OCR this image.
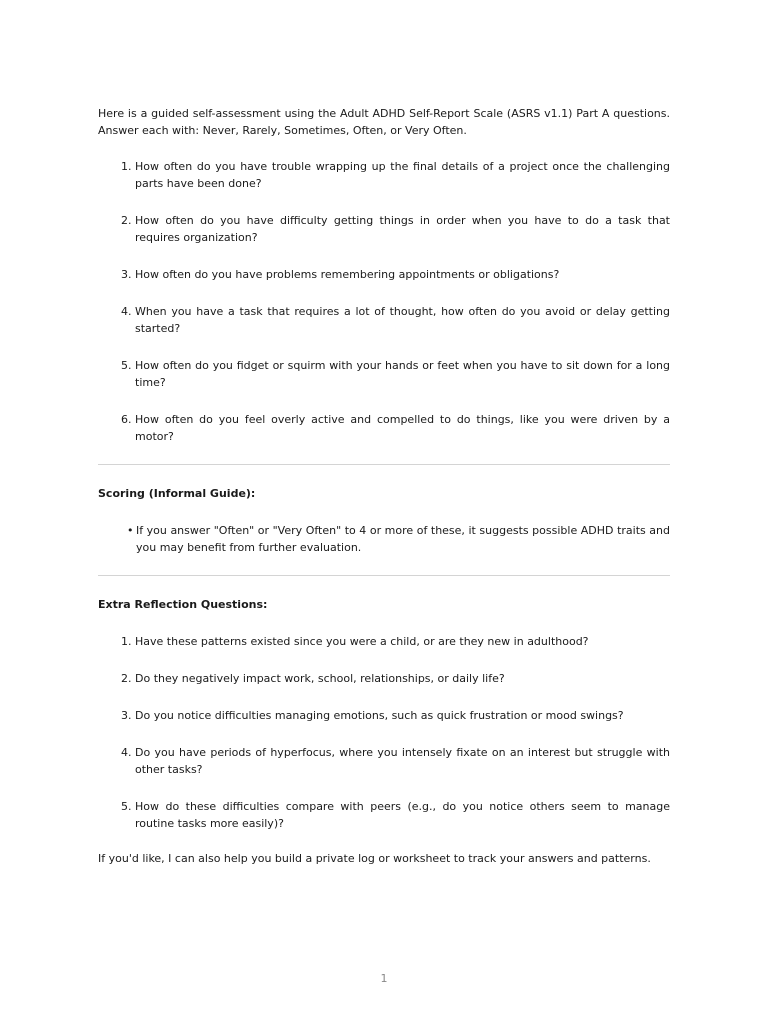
Here is a guided self-assessment using the Adult ADHD Self-Report Scale (ASRS v1.1) Part A questions. Answer each with: Never, Rarely, Sometimes, Often, or Very Often.

1. How often do you have trouble wrapping up the final details of a project once the challenging parts have been done?
2. How often do you have difficulty getting things in order when you have to do a task that requires organization?
3. How often do you have problems remembering appointments or obligations?
4. When you have a task that requires a lot of thought, how often do you avoid or delay getting started?
5. How often do you fidget or squirm with your hands or feet when you have to sit down for a long time?
6. How often do you feel overly active and compelled to do things, like you were driven by a motor?
Scoring (Informal Guide):
• If you answer "Often" or "Very Often" to 4 or more of these, it suggests possible ADHD traits and you may benefit from further evaluation.
Extra Reflection Questions:
1. Have these patterns existed since you were a child, or are they new in adulthood?
2. Do they negatively impact work, school, relationships, or daily life?
3. Do you notice difficulties managing emotions, such as quick frustration or mood swings?
4. Do you have periods of hyperfocus, where you intensely fixate on an interest but struggle with other tasks?
5. How do these difficulties compare with peers (e.g., do you notice others seem to manage routine tasks more easily)?

If you'd like, I can also help you build a private log or worksheet to track your answers and patterns.

1
